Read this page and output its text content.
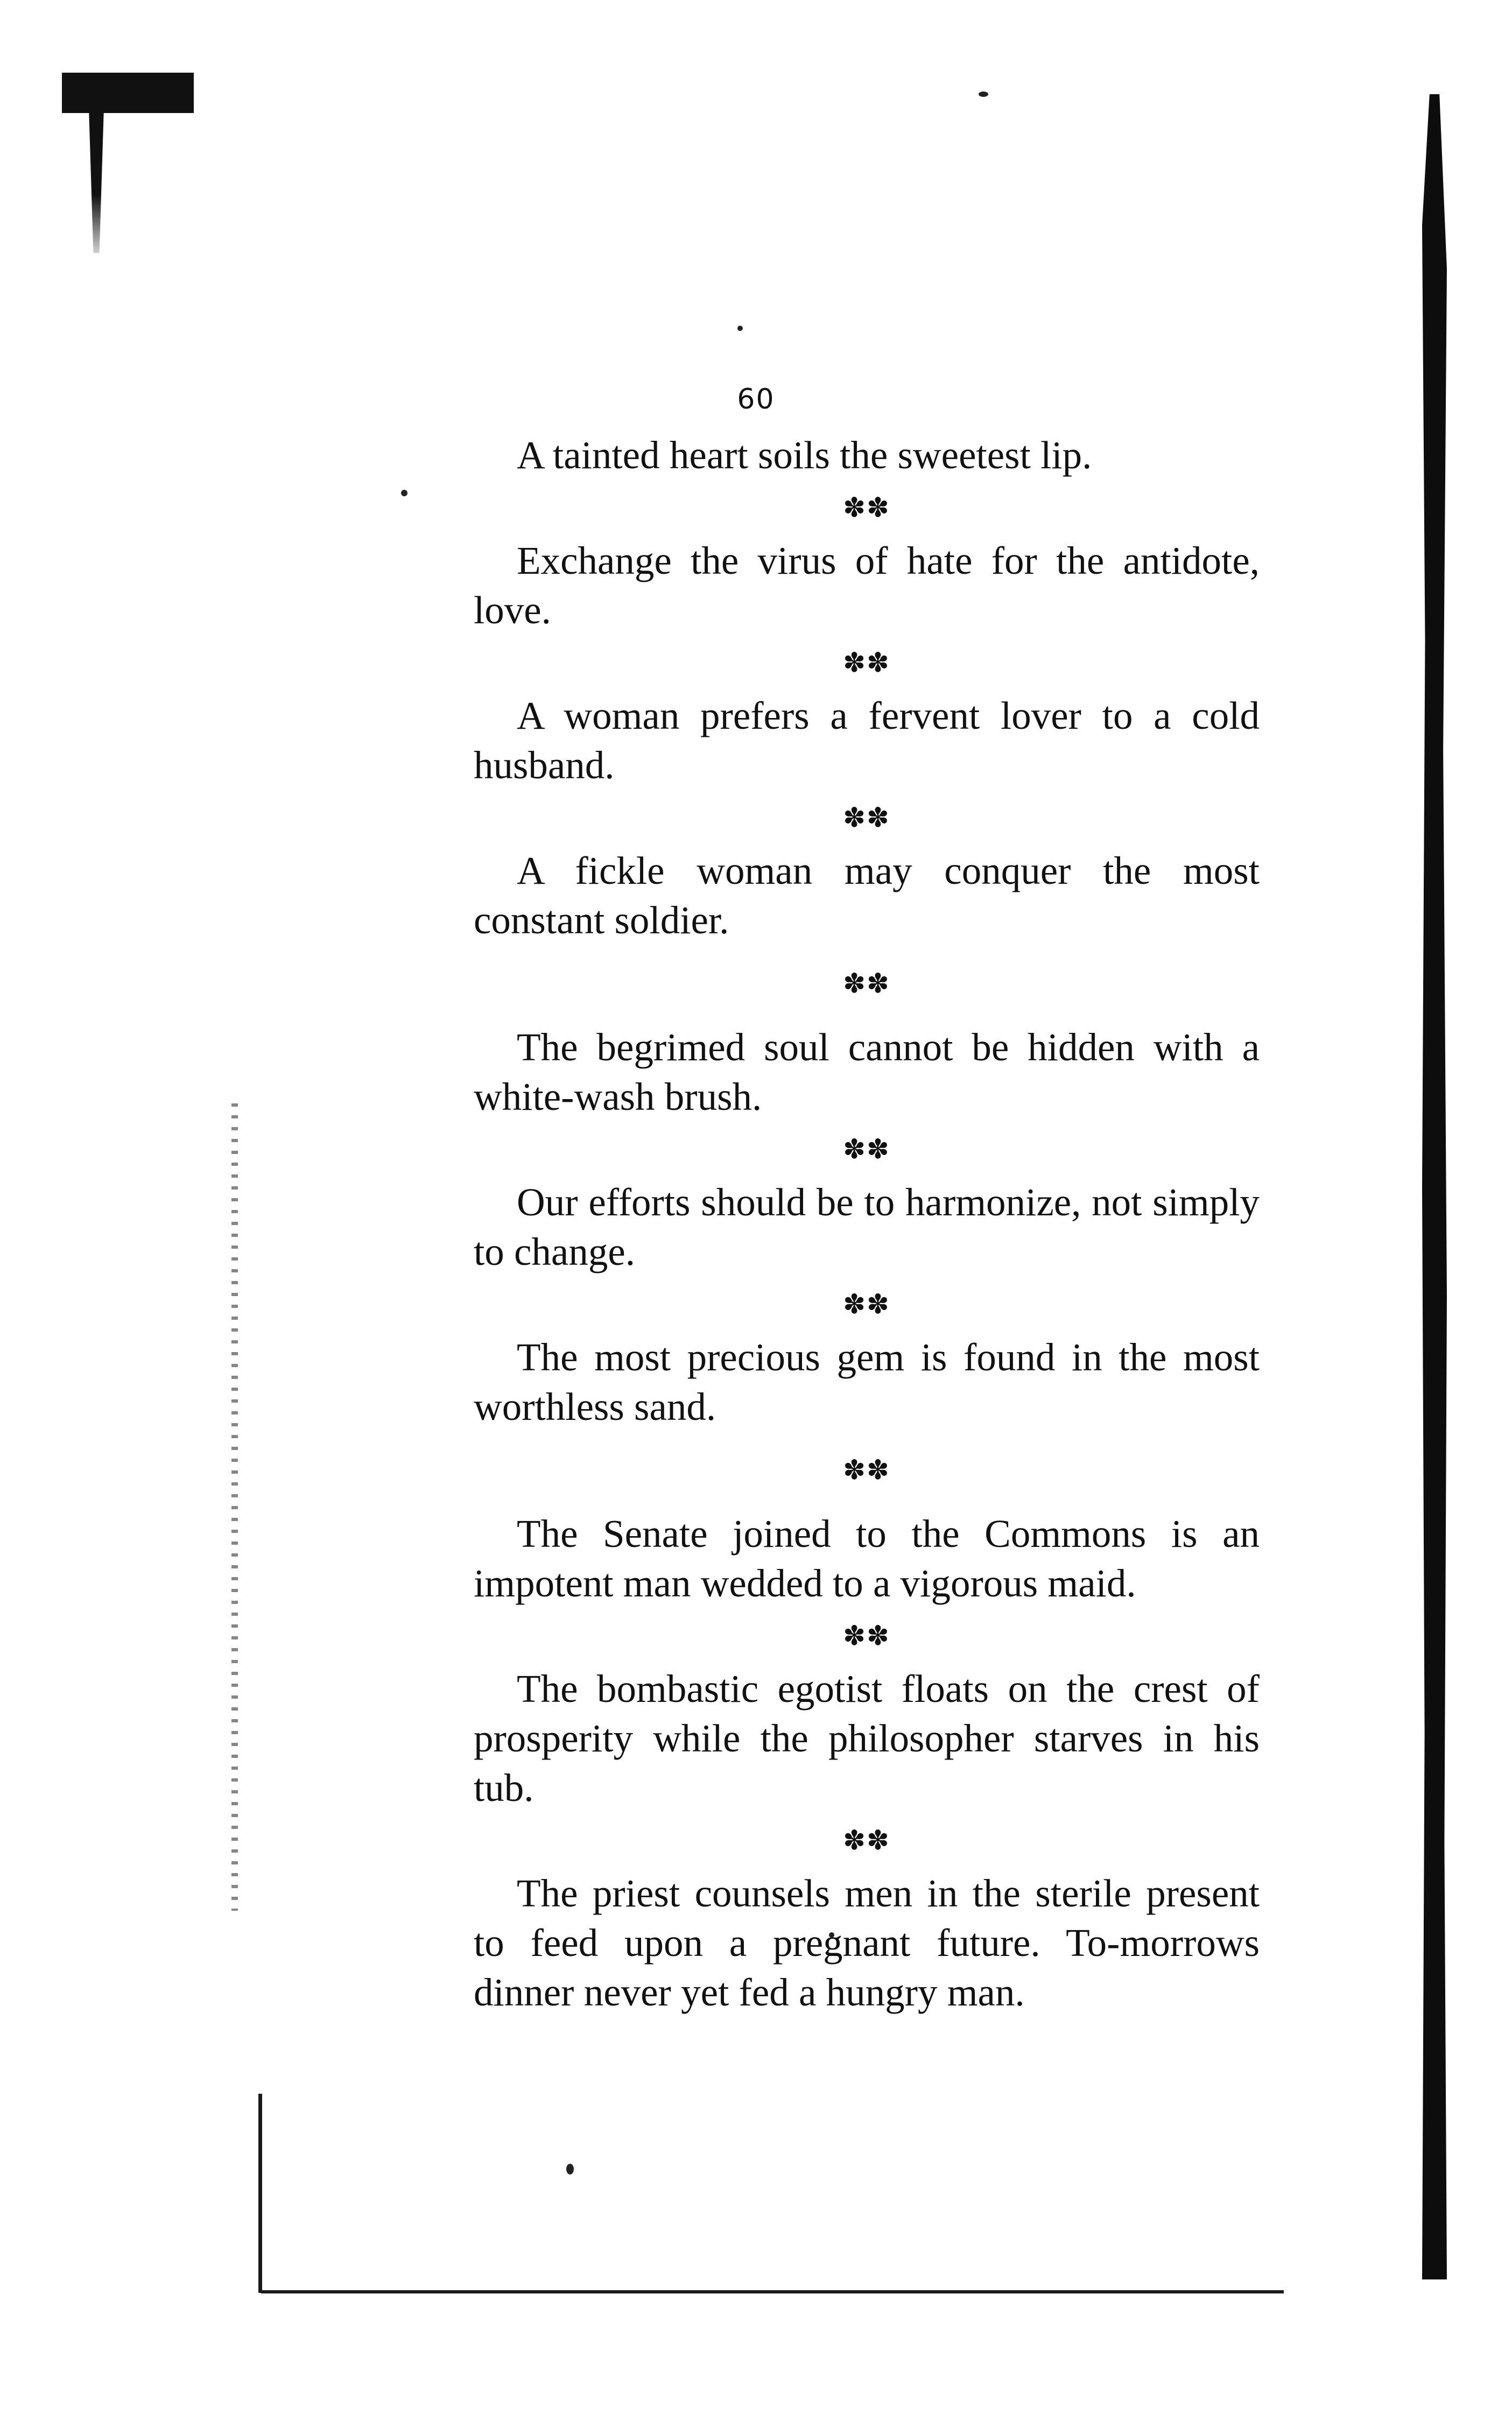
60

A tainted heart soils the sweetest lip.

✽✽

Exchange the virus of hate for the antidote, love.

✽✽

A woman prefers a fervent lover to a cold husband.

✽✽

A fickle woman may conquer the most constant soldier.

✽✽

The begrimed soul cannot be hidden with a white-wash brush.

✽✽

Our efforts should be to harmonize, not simply to change.

✽✽

The most precious gem is found in the most worthless sand.

✽✽

The Senate joined to the Commons is an impotent man wedded to a vigorous maid.

✽✽

The bombastic egotist floats on the crest of prosperity while the philosopher starves in his tub.

✽✽

The priest counsels men in the sterile present to feed upon a pregnant future. To-morrows dinner never yet fed a hungry man.
